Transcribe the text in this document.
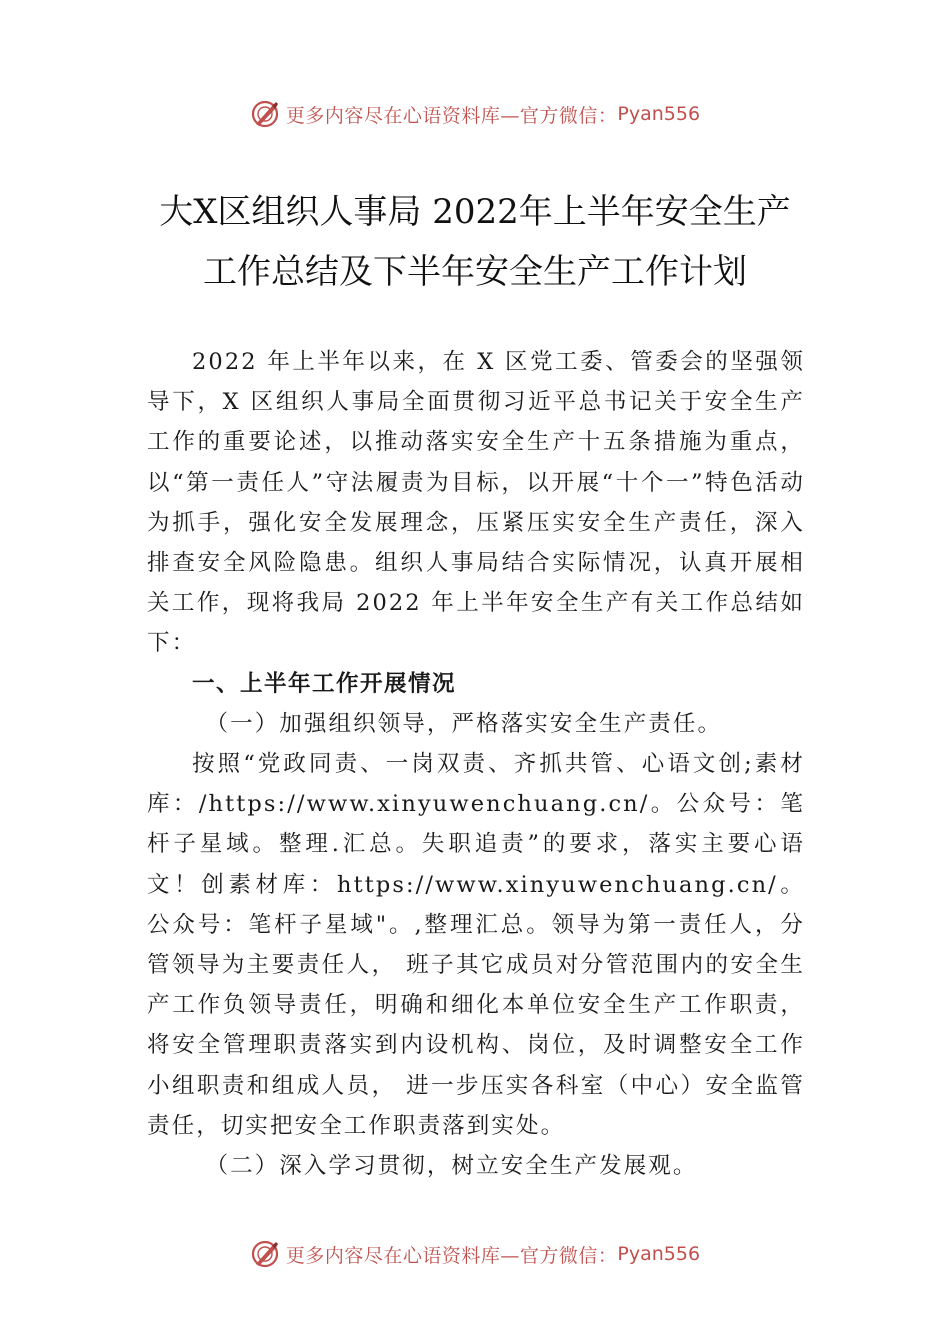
更多内容尽在心语资料库—官方微信： Pyan556
大X区组织人事局 2022年上半年安全生产
工作总结及下半年安全生产工作计划

2022 年上半年以来，在 X 区党工委、管委会的坚强领导下，X 区组织人事局全面贯彻习近平总书记关于安全生产工作的重要论述，以推动落实安全生产十五条措施为重点，以“第一责任人”守法履责为目标，以开展“十个一”特色活动为抓手，强化安全发展理念，压紧压实安全生产责任，深入排查安全风险隐患。组织人事局结合实际情况，认真开展相关工作，现将我局 2022 年上半年安全生产有关工作总结如下：

一、上半年工作开展情况

（一）加强组织领导，严格落实安全生产责任。

按照“党政同责、一岗双责、齐抓共管、心语文创;素材库：/https://www.xinyuwenchuang.cn/。公众号：笔杆子星域。整理.汇总。失职追责”的要求，落实主要心语文！创素材库：https://www.xinyuwenchuang.cn/。公众号：笔杆子星域"。,整理汇总。领导为第一责任人，分管领导为主要责任人， 班子其它成员对分管范围内的安全生产工作负领导责任，明确和细化本单位安全生产工作职责，将安全管理职责落实到内设机构、岗位，及时调整安全工作小组职责和组成人员， 进一步压实各科室（中心）安全监管责任，切实把安全工作职责落到实处。

（二）深入学习贯彻，树立安全生产发展观。

更多内容尽在心语资料库—官方微信： Pyan556
